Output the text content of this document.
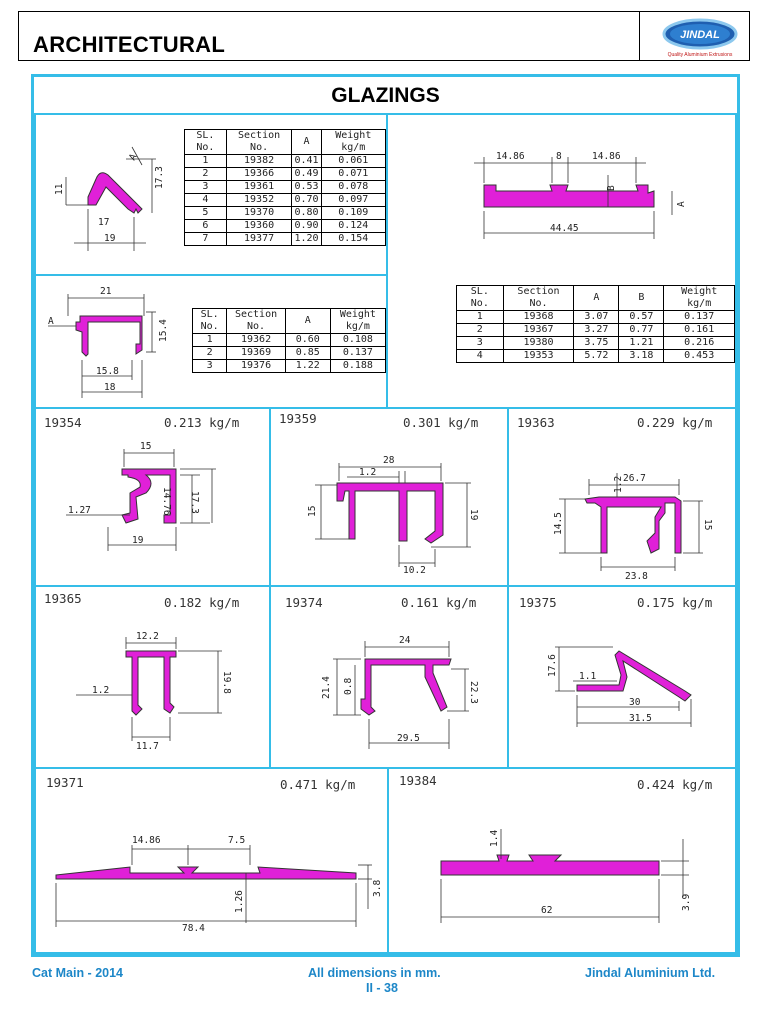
ARCHITECTURAL	JINDAL
Quality Aluminium Extrusions
GLAZINGS
A
17.3
11
17
19
SL. No.	Section No.	A	Weight kg/m
1	19382	0.41	0.061
2	19366	0.49	0.071
3	19361	0.53	0.078
4	19352	0.70	0.097
5	19370	0.80	0.109
6	19360	0.90	0.124
7	19377	1.20	0.154
14.86	8	14.86
B
A
44.45
SL. No.	Section No.	A	B	Weight kg/m
1	19368	3.07	0.57	0.137
2	19367	3.27	0.77	0.161
3	19380	3.75	1.21	0.216
4	19353	5.72	3.18	0.453
21
A	15.4
15.8
18
SL. No.	Section No.	A	Weight kg/m
1	19362	0.60	0.108
2	19369	0.85	0.137
3	19376	1.22	0.188
19354	0.213 kg/m
15
14.76 17.3
1.27
19
19359	0.301 kg/m
28
1.2
15	19
10.2
19363	0.229 kg/m
26.7
1.2
14.5	15
23.8
19365	0.182 kg/m
12.2
1.2	19.8
11.7
19374	0.161 kg/m
24
21.4 0.8	22.3
29.5
19375	0.175 kg/m
17.6 1.1
30
31.5
19371	0.471 kg/m
14.86	7.5
1.26
3.8
78.4
19384	0.424 kg/m
1.4
62	3.9
Cat Main - 2014	All dimensions in mm.
II - 38
Jindal Aluminium Ltd.
